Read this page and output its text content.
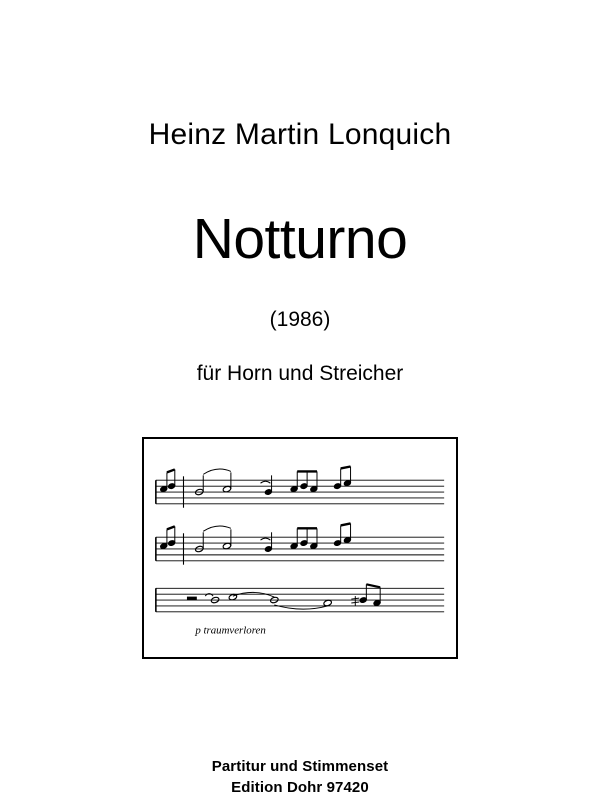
Heinz Martin Lonquich
Notturno
(1986)
für Horn und Streicher
p traumverloren
Partitur und Stimmenset
Edition Dohr 97420
